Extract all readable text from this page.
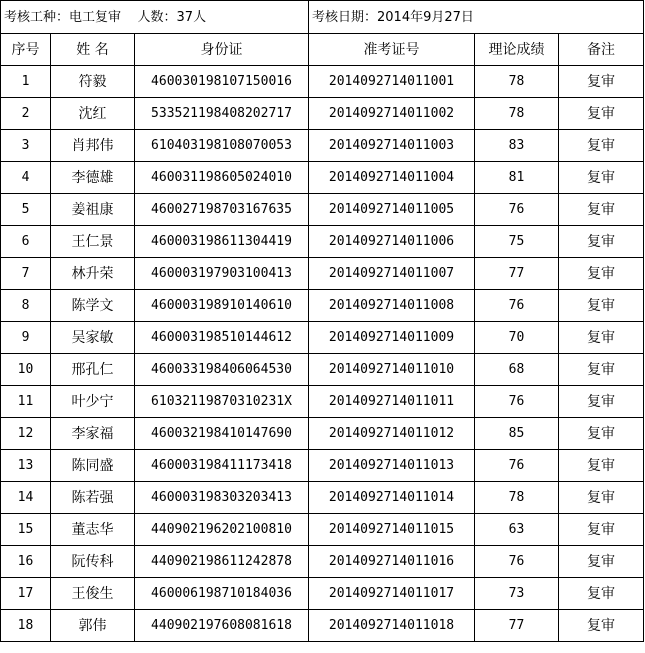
考核工种：电工复审    人数：37人			考核日期：2014年9月27日		
序号	姓 名	身份证	准考证号	理论成绩	备注
1	符毅	460030198107150016	2014092714011001	78	复审
2	沈红	533521198408202717	2014092714011002	78	复审
3	肖邦伟	610403198108070053	2014092714011003	83	复审
4	李德雄	460031198605024010	2014092714011004	81	复审
5	姜祖康	460027198703167635	2014092714011005	76	复审
6	王仁景	460003198611304419	2014092714011006	75	复审
7	林升荣	460003197903100413	2014092714011007	77	复审
8	陈学文	460003198910140610	2014092714011008	76	复审
9	吴家敏	460003198510144612	2014092714011009	70	复审
10	邢孔仁	460033198406064530	2014092714011010	68	复审
11	叶少宁	61032119870310231X	2014092714011011	76	复审
12	李家福	460032198410147690	2014092714011012	85	复审
13	陈同盛	460003198411173418	2014092714011013	76	复审
14	陈若强	460003198303203413	2014092714011014	78	复审
15	董志华	440902196202100810	2014092714011015	63	复审
16	阮传科	440902198611242878	2014092714011016	76	复审
17	王俊生	460006198710184036	2014092714011017	73	复审
18	郭伟	440902197608081618	2014092714011018	77	复审
